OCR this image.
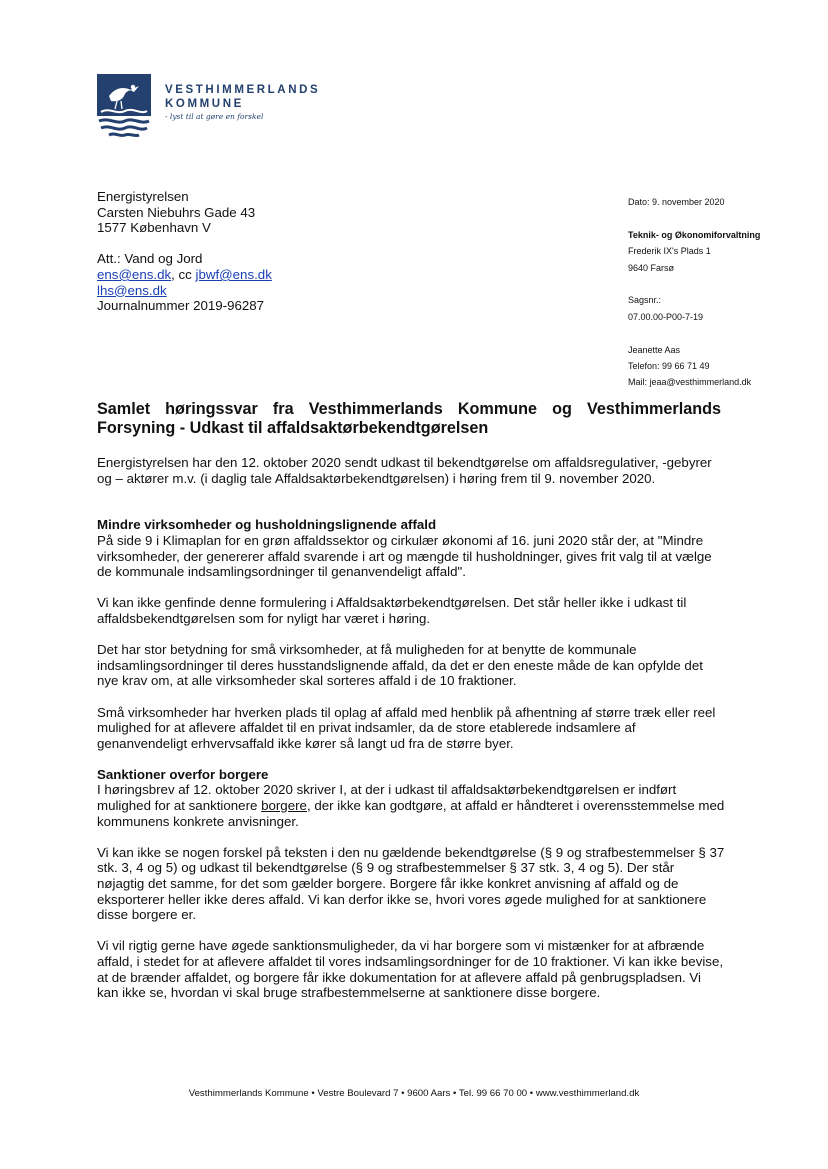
VESTHIMMERLANDS
KOMMUNE
- lyst til at gøre en forskel
Energistyrelsen
Carsten Niebuhrs Gade 43
1577 København V
Att.: Vand og Jord
ens@ens.dk, cc jbwf@ens.dk
lhs@ens.dk
Journalnummer 2019-96287
Dato: 9. november 2020
Teknik- og Økonomiforvaltning
Frederik IX's Plads 1
9640 Farsø
Sagsnr.:
07.00.00-P00-7-19
Jeanette Aas
Telefon: 99 66 71 49
Mail: jeaa@vesthimmerland.dk
Samlet høringssvar fra Vesthimmerlands Kommune og Vesthimmerlands Forsyning - Udkast til affaldsaktørbekendtgørelsen

Energistyrelsen har den 12. oktober 2020 sendt udkast til bekendtgørelse om affaldsregulativer, -gebyrer og – aktører m.v. (i daglig tale Affaldsaktørbekendtgørelsen) i høring frem til 9. november 2020.

Mindre virksomheder og husholdningslignende affald

På side 9 i Klimaplan for en grøn affaldssektor og cirkulær økonomi af 16. juni 2020 står der, at "Mindre virksomheder, der genererer affald svarende i art og mængde til husholdninger, gives frit valg til at vælge de kommunale indsamlingsordninger til genanvendeligt affald".

Vi kan ikke genfinde denne formulering i Affaldsaktørbekendtgørelsen. Det står heller ikke i udkast til affaldsbekendtgørelsen som for nyligt har været i høring.

Det har stor betydning for små virksomheder, at få muligheden for at benytte de kommunale indsamlingsordninger til deres husstandslignende affald, da det er den eneste måde de kan opfylde det nye krav om, at alle virksomheder skal sorteres affald i de 10 fraktioner.

Små virksomheder har hverken plads til oplag af affald med henblik på afhentning af større træk eller reel mulighed for at aflevere affaldet til en privat indsamler, da de store etablerede indsamlere af genanvendeligt erhvervsaffald ikke kører så langt ud fra de større byer.

Sanktioner overfor borgere

I høringsbrev af 12. oktober 2020 skriver I, at der i udkast til affaldsaktørbekendtgørelsen er indført mulighed for at sanktionere borgere, der ikke kan godtgøre, at affald er håndteret i overensstemmelse med kommunens konkrete anvisninger.

Vi kan ikke se nogen forskel på teksten i den nu gældende bekendtgørelse (§ 9 og strafbestemmelser § 37 stk. 3, 4 og 5) og udkast til bekendtgørelse (§ 9 og strafbestemmelser § 37 stk. 3, 4 og 5). Der står nøjagtig det samme, for det som gælder borgere. Borgere får ikke konkret anvisning af affald og de eksporterer heller ikke deres affald. Vi kan derfor ikke se, hvori vores øgede mulighed for at sanktionere disse borgere er.

Vi vil rigtig gerne have øgede sanktionsmuligheder, da vi har borgere som vi mistænker for at afbrænde affald, i stedet for at aflevere affaldet til vores indsamlingsordninger for de 10 fraktioner. Vi kan ikke bevise, at de brænder affaldet, og borgere får ikke dokumentation for at aflevere affald på genbrugspladsen. Vi kan ikke se, hvordan vi skal bruge strafbestemmelserne at sanktionere disse borgere.

Vesthimmerlands Kommune • Vestre Boulevard 7 • 9600 Aars • Tel. 99 66 70 00 • www.vesthimmerland.dk
